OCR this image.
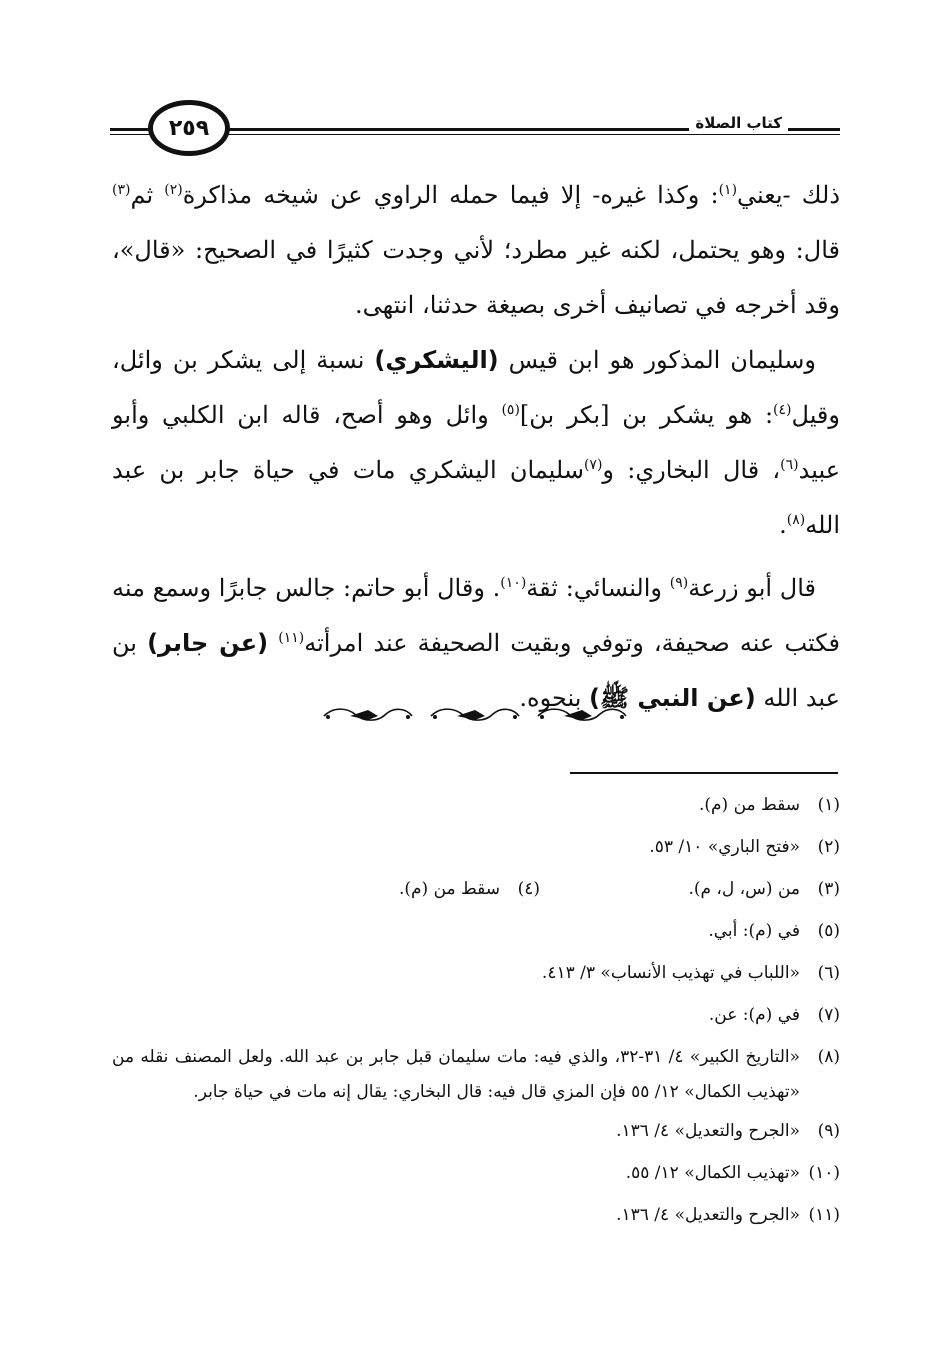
٢٥٩	كتاب الصلاة

ذلك -يعني$^{(١)}$: وكذا غيره- إلا فيما حمله الراوي عن شيخه مذاكرة$^{(٢)}$ ثم$^{(٣)}$ قال: وهو يحتمل، لكنه غير مطرد؛ لأني وجدت كثيرًا في الصحيح: «قال»، وقد أخرجه في تصانيف أخرى بصيغة حدثنا، انتهى.

وسليمان المذكور هو ابن قيس (اليشكري) نسبة إلى يشكر بن وائل، وقيل$^{(٤)}$: هو يشكر بن [بكر بن]$^{(٥)}$ وائل وهو أصح، قاله ابن الكلبي وأبو عبيد$^{(٦)}$، قال البخاري: و$^{(٧)}$سليمان اليشكري مات في حياة جابر بن عبد الله$^{(٨)}$.

قال أبو زرعة$^{(٩)}$ والنسائي: ثقة$^{(١٠)}$. وقال أبو حاتم: جالس جابرًا وسمع منه فكتب عنه صحيفة، وتوفي وبقيت الصحيفة عند امرأته$^{(١١)}$ (عن جابر) بن عبد الله (عن النبي ﷺ) بنحوه.

(١)
سقط من (م).
(٢)
«فتح الباري» ١٠/ ٥٣.
(٣)
من (س، ل، م).
(٤)
سقط من (م).
(٥)
في (م): أبي.
(٦)
«اللباب في تهذيب الأنساب» ٣/ ٤١٣.
(٧)
في (م): عن.
(٨)
«التاريخ الكبير» ٤/ ٣١-٣٢، والذي فيه: مات سليمان قبل جابر بن عبد الله. ولعل المصنف نقله من «تهذيب الكمال» ١٢/ ٥٥ فإن المزي قال فيه: قال البخاري: يقال إنه مات في حياة جابر.
(٩)
«الجرح والتعديل» ٤/ ١٣٦.
(١٠)
«تهذيب الكمال» ١٢/ ٥٥.
(١١)
«الجرح والتعديل» ٤/ ١٣٦.
